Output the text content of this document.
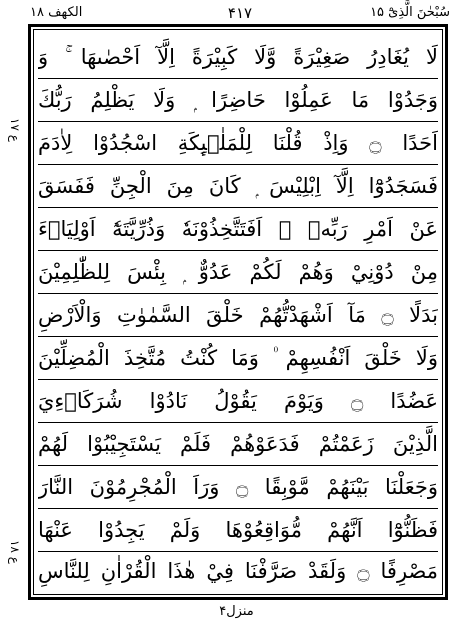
سُبْحٰنَ الَّذِیْٓ ۱۵
۴۱۷
الکھف ۱۸
لَا يُغَادِرُ صَغِيْرَةً وَّلَا كَبِيْرَةً اِلَّآ اَحْصٰىهَا ۚ وَ
وَجَدُوْا مَا عَمِلُوْا حَاضِرًا ۭ وَلَا يَظْلِمُ رَبُّكَ
اَحَدًا ۝ وَاِذْ قُلْنَا لِلْمَلٰۗىِٕكَةِ اسْجُدُوْا لِاٰدَمَ
فَسَجَدُوْٓا اِلَّآ اِبْلِيْسَ ۭ كَانَ مِنَ الْجِنِّ فَفَسَقَ
عَنْ اَمْرِ رَبِّهٖ ۭ اَفَتَتَّخِذُوْنَهٗ وَذُرِّيَّتَهٗٓ اَوْلِيَاۗءَ
مِنْ دُوْنِيْ وَهُمْ لَكُمْ عَدُوٌّ ۭ بِئْسَ لِلظّٰلِمِيْنَ
بَدَلًا ۝ مَآ اَشْهَدْتُّهُمْ خَلْقَ السَّمٰوٰتِ وَالْاَرْضِ
وَلَا خَلْقَ اَنْفُسِهِمْ ۠ وَمَا كُنْتُ مُتَّخِذَ الْمُضِلِّيْنَ
عَضُدًا ۝ وَيَوْمَ يَقُوْلُ نَادُوْا شُرَكَاۗءِيَ
الَّذِيْنَ زَعَمْتُمْ فَدَعَوْهُمْ فَلَمْ يَسْتَجِيْبُوْا لَهُمْ
وَجَعَلْنَا بَيْنَهُمْ مَّوْبِقًا ۝ وَرَاَ الْمُجْرِمُوْنَ النَّارَ
فَظَنُّوْٓا اَنَّهُمْ مُّوَاقِعُوْهَا وَلَمْ يَجِدُوْا عَنْهَا
مَصْرِفًا ۝ وَلَقَدْ صَرَّفْنَا فِيْ هٰذَا الْقُرْاٰنِ لِلنَّاسِ
۱۷ ع
ع ۱۸
منزل۴
